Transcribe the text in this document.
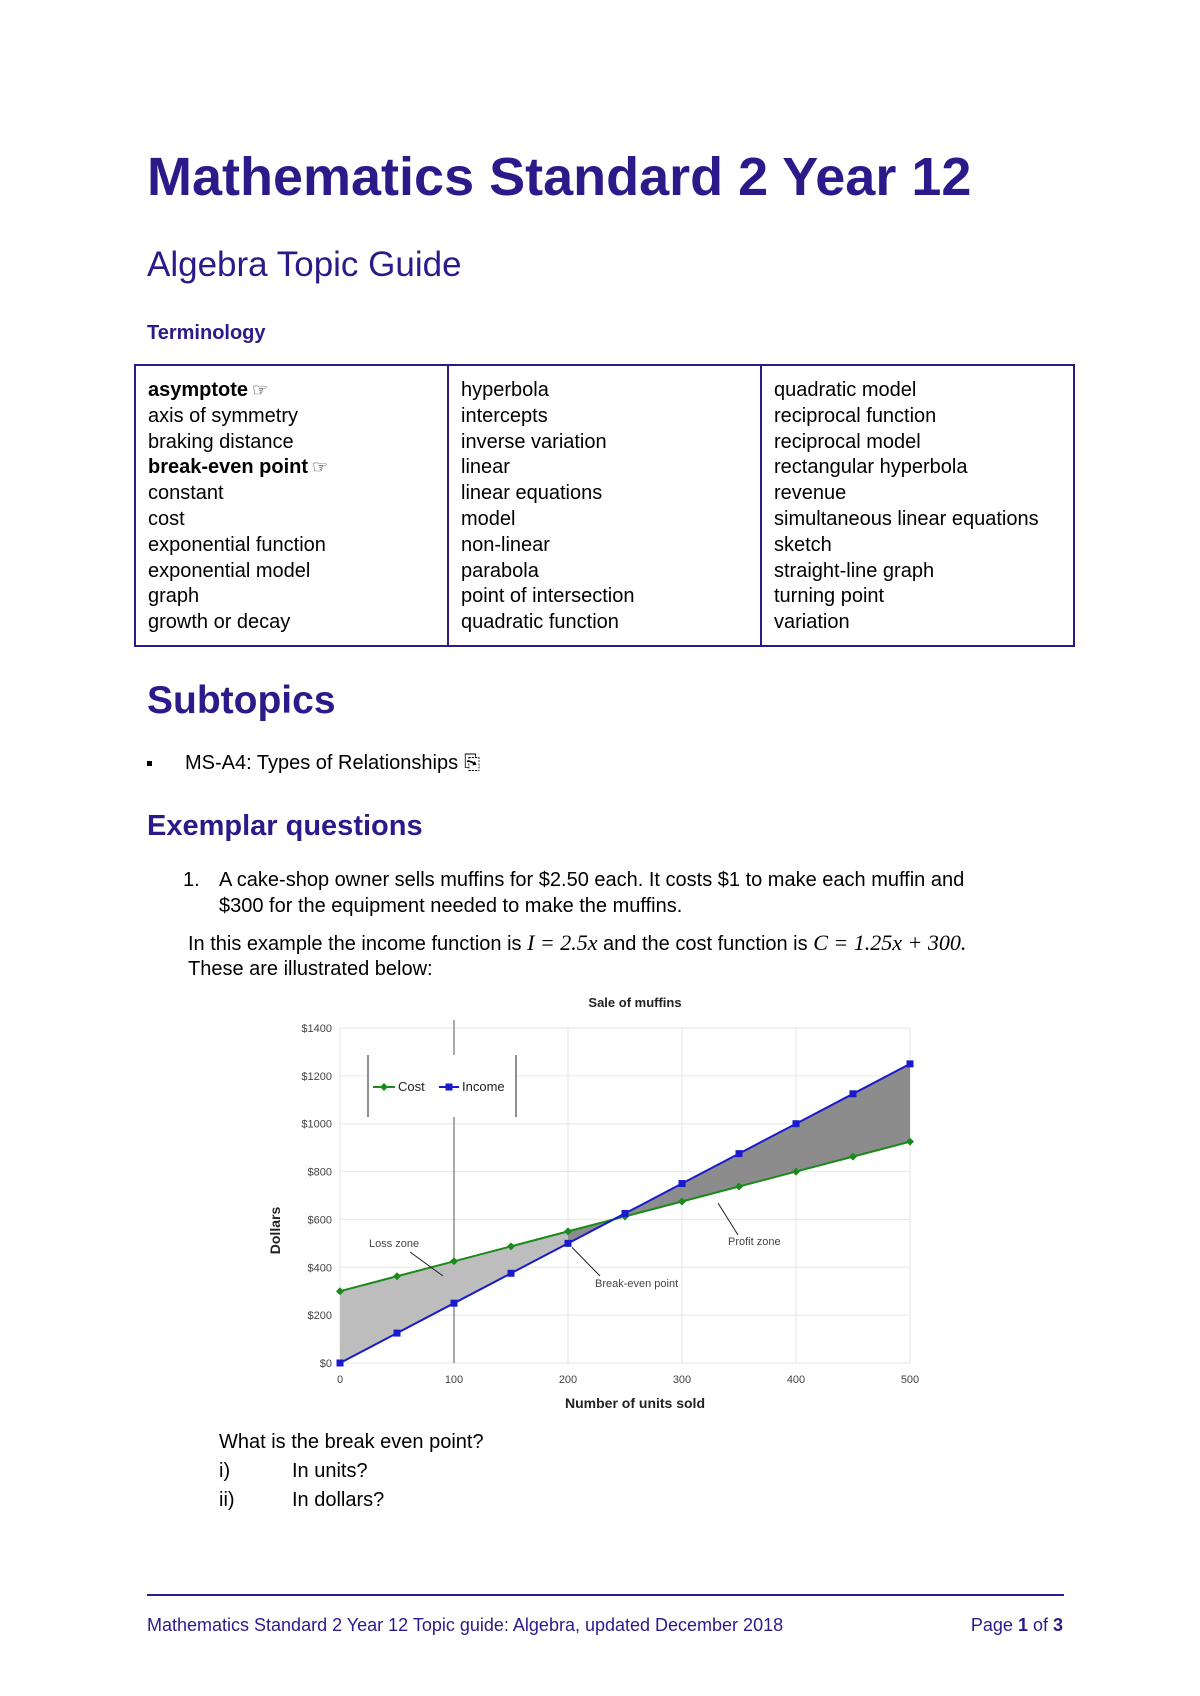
Mathematics Standard 2 Year 12
Algebra Topic Guide
Terminology
asymptote ☞
axis of symmetry
braking distance
break-even point ☞
constant
cost
exponential function
exponential model
graph
growth or decay

hyperbola
intercepts
inverse variation
linear
linear equations
model
non-linear
parabola
point of intersection
quadratic function

quadratic model
reciprocal function
reciprocal model
rectangular hyperbola
revenue
simultaneous linear equations
sketch
straight-line graph
turning point
variation
Subtopics
MS-A4: Types of Relationships ⎘
Exemplar questions
1. A cake-shop owner sells muffins for $2.50 each. It costs $1 to make each muffin and
$300 for the equipment needed to make the muffins.
In this example the income function is I = 2.5x and the cost function is C = 1.25x + 300.
These are illustrated below:
$0
$200
$400
$600
$800
$1000
$1200
$1400
0	100	200	300	400	500
Sale of muffins
Number of units sold
Dollars
Cost	Income
Loss zone	Profit zone
Break-even point
What is the break even point?
i)	In units?
ii)	In dollars?
Mathematics Standard 2 Year 12 Topic guide: Algebra, updated December 2018	Page 1 of 3
